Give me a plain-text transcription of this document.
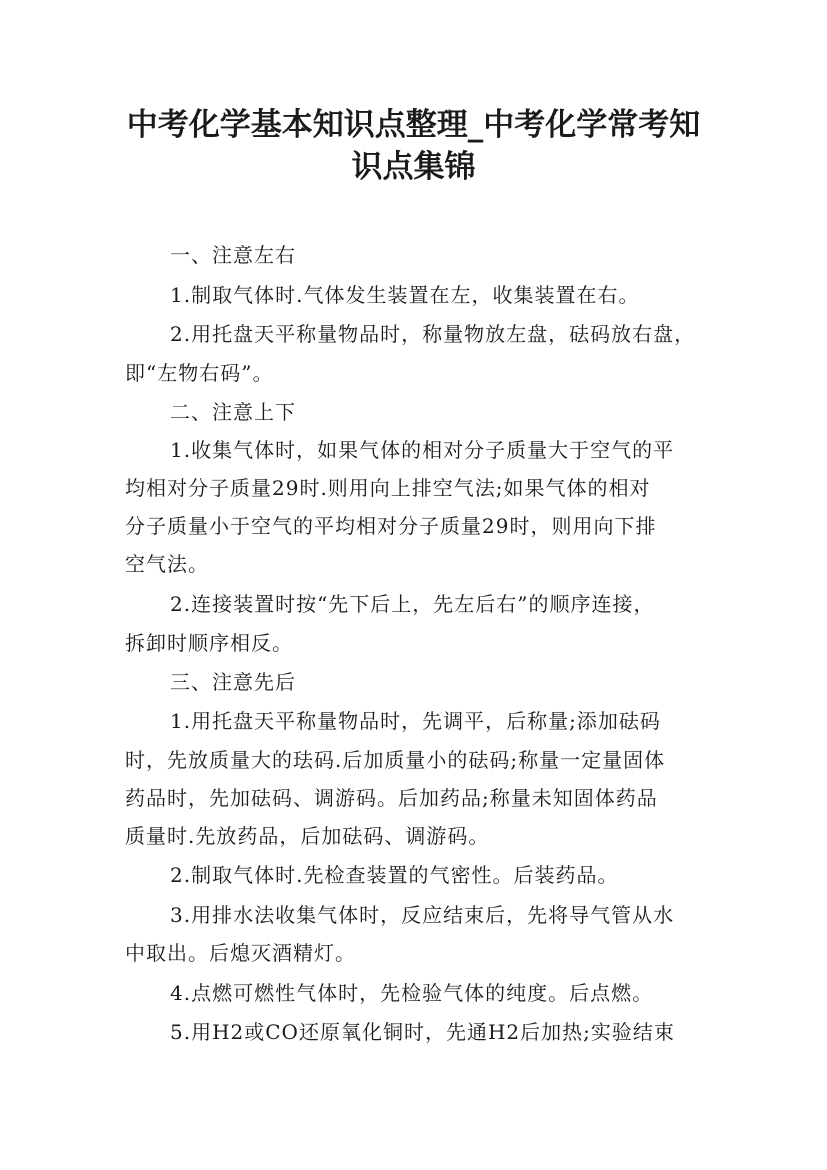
中考化学基本知识点整理_中考化学常考知
识点集锦

一、注意左右

1.制取气体时.气体发生装置在左，收集装置在右。

2.用托盘天平称量物品时，称量物放左盘，砝码放右盘，

即“左物右码”。

二、注意上下

1.收集气体时，如果气体的相对分子质量大于空气的平

均相对分子质量29时.则用向上排空气法;如果气体的相对

分子质量小于空气的平均相对分子质量29时，则用向下排

空气法。

2.连接装置时按“先下后上，先左后右”的顺序连接，

拆卸时顺序相反。

三、注意先后

1.用托盘天平称量物品时，先调平，后称量;添加砝码

时，先放质量大的珐码.后加质量小的砝码;称量一定量固体

药品时，先加砝码、调游码。后加药品;称量未知固体药品

质量时.先放药品，后加砝码、调游码。

2.制取气体时.先检查装置的气密性。后装药品。

3.用排水法收集气体时，反应结束后，先将导气管从水

中取出。后熄灭酒精灯。

4.点燃可燃性气体时，先检验气体的纯度。后点燃。

5.用H2或CO还原氧化铜时，先通H2后加热;实验结束
